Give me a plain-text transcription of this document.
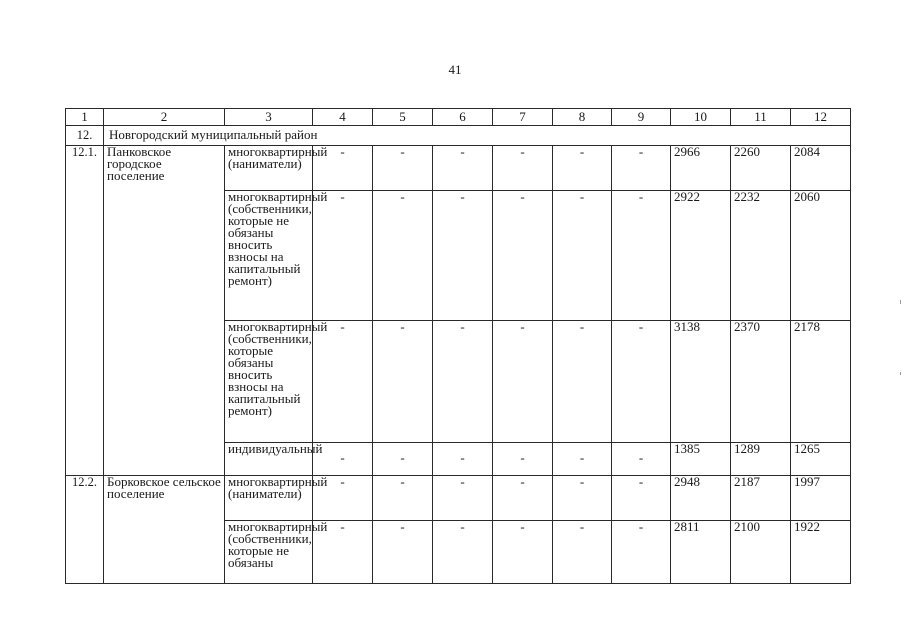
41
1	2	3	4	5	6	7	8	9	10	11	12
12.	Новгородский муниципальный район										
12.1.	Панковское городское поселение	многоквартирный (наниматели)	-	-	-	-	-	-	2966	2260	2084
		многоквартирный (собственники, которые не обязаны вносить взносы на капитальный ремонт)	-	-	-	-	-	-	2922	2232	2060
		многоквартирный (собственники, которые обязаны вносить взносы на капитальный ремонт)	-	-	-	-	-	-	3138	2370	2178
		индивидуальный	-	-	-	-	-	-	1385	1289	1265
12.2.	Борковское сельское поселение	многоквартирный (наниматели)	-	-	-	-	-	-	2948	2187	1997
		многоквартирный (собственники, которые не обязаны	-	-	-	-	-	-	2811	2100	1922
